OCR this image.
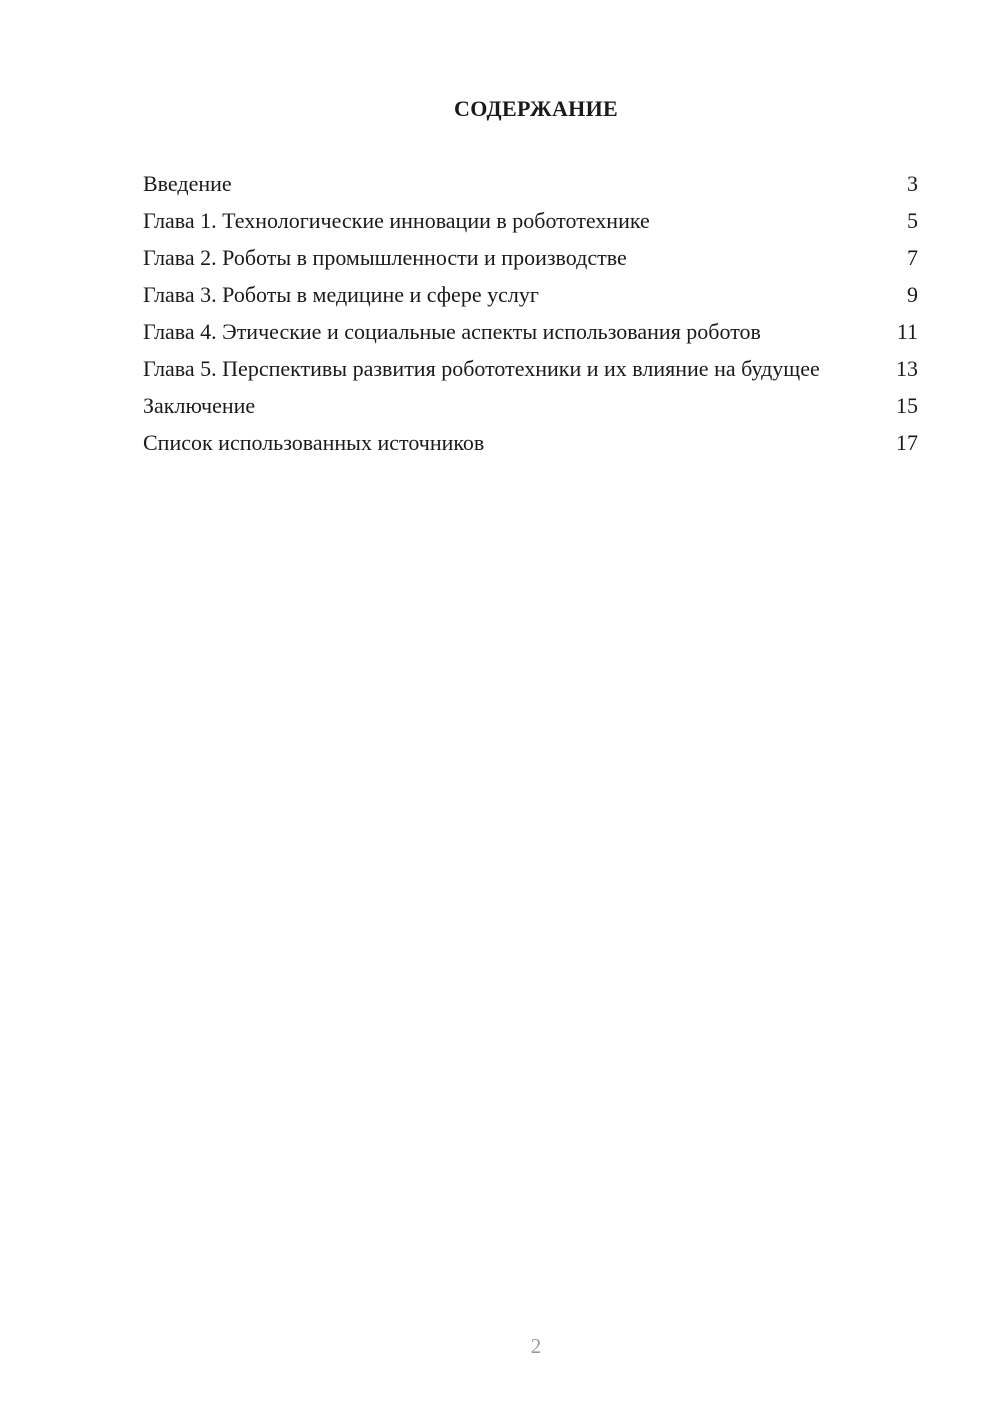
СОДЕРЖАНИЕ
Введение	3
Глава 1. Технологические инновации в робототехнике	5
Глава 2. Роботы в промышленности и производстве	7
Глава 3. Роботы в медицине и сфере услуг	9
Глава 4. Этические и социальные аспекты использования роботов	11
Глава 5. Перспективы развития робототехники и их влияние на будущее	13
Заключение	15
Список использованных источников	17
2
